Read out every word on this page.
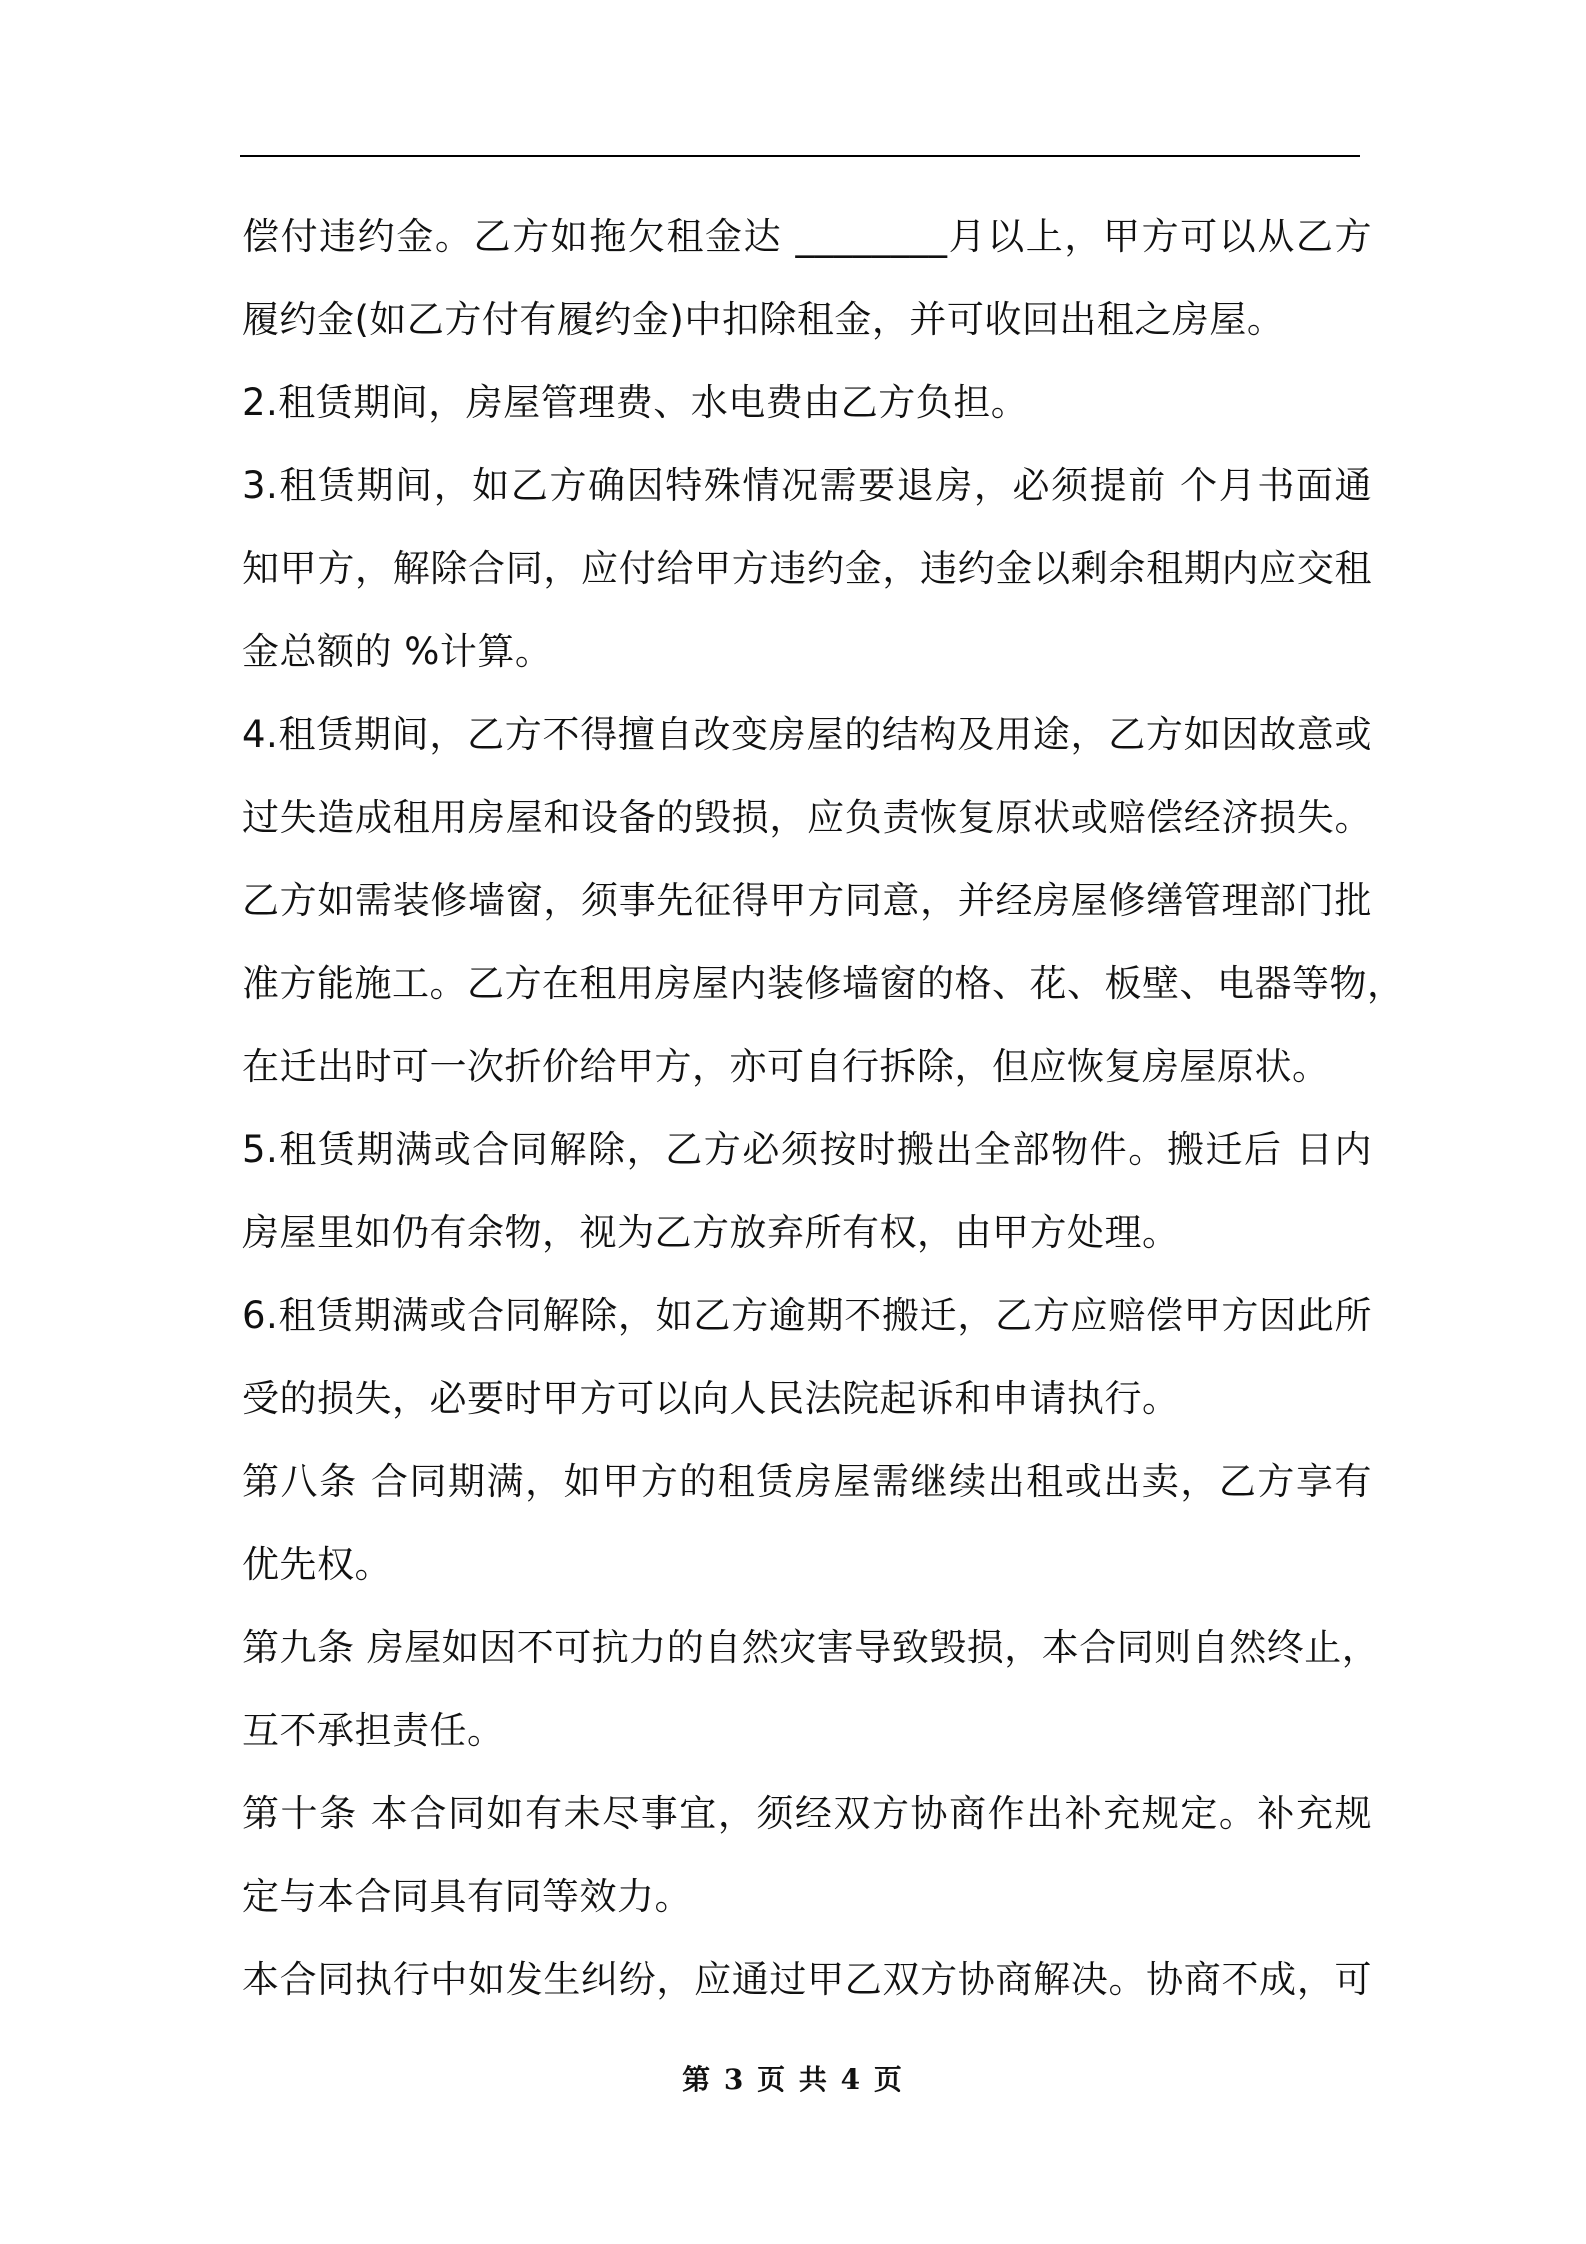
偿付违约金。乙方如拖欠租金达 ________月以上，甲方可以从乙方
履约金(如乙方付有履约金)中扣除租金，并可收回出租之房屋。
2.租赁期间，房屋管理费、水电费由乙方负担。
3.租赁期间，如乙方确因特殊情况需要退房，必须提前 个月书面通
知甲方，解除合同，应付给甲方违约金，违约金以剩余租期内应交租
金总额的 %计算。
4.租赁期间，乙方不得擅自改变房屋的结构及用途，乙方如因故意或
过失造成租用房屋和设备的毁损，应负责恢复原状或赔偿经济损失。
乙方如需装修墙窗，须事先征得甲方同意，并经房屋修缮管理部门批
准方能施工。乙方在租用房屋内装修墙窗的格、花、板壁、电器等物，
在迁出时可一次折价给甲方，亦可自行拆除，但应恢复房屋原状。
5.租赁期满或合同解除，乙方必须按时搬出全部物件。搬迁后 日内
房屋里如仍有余物，视为乙方放弃所有权，由甲方处理。
6.租赁期满或合同解除，如乙方逾期不搬迁，乙方应赔偿甲方因此所
受的损失，必要时甲方可以向人民法院起诉和申请执行。
第八条 合同期满，如甲方的租赁房屋需继续出租或出卖，乙方享有
优先权。
第九条 房屋如因不可抗力的自然灾害导致毁损，本合同则自然终止，
互不承担责任。
第十条 本合同如有未尽事宜，须经双方协商作出补充规定。补充规
定与本合同具有同等效力。
本合同执行中如发生纠纷，应通过甲乙双方协商解决。协商不成，可
第 3 页 共 4 页
